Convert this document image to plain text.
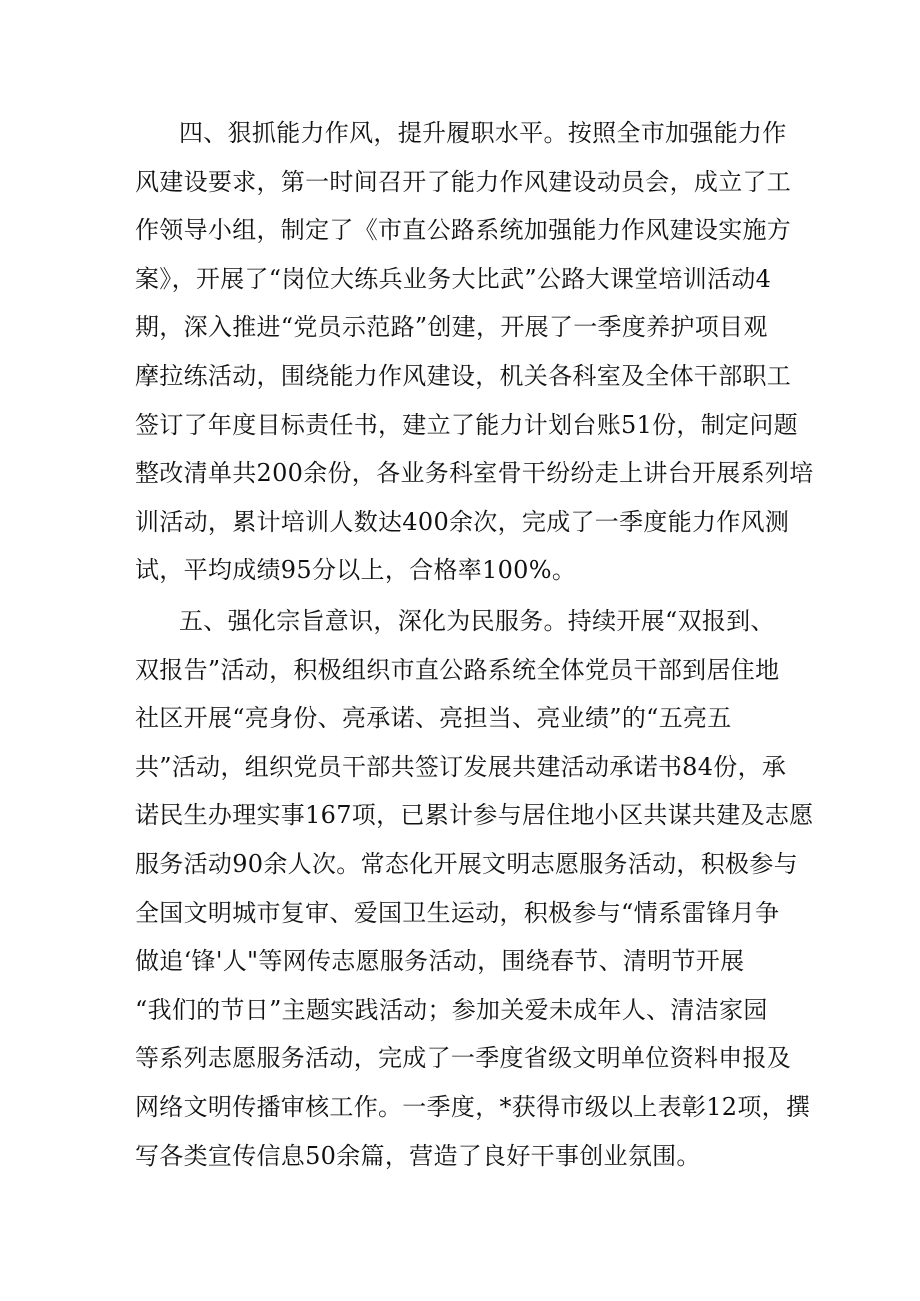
四、狠抓能力作风，提升履职水平。按照全市加强能力作
风建设要求，第一时间召开了能力作风建设动员会，成立了工
作领导小组，制定了《市直公路系统加强能力作风建设实施方
案》，开展了“岗位大练兵业务大比武”公路大课堂培训活动4
期，深入推进“党员示范路”创建，开展了一季度养护项目观
摩拉练活动，围绕能力作风建设，机关各科室及全体干部职工
签订了年度目标责任书，建立了能力计划台账51份，制定问题
整改清单共200余份，各业务科室骨干纷纷走上讲台开展系列培
训活动，累计培训人数达400余次，完成了一季度能力作风测
试，平均成绩95分以上，合格率100%。
五、强化宗旨意识，深化为民服务。持续开展“双报到、
双报告”活动，积极组织市直公路系统全体党员干部到居住地
社区开展“亮身份、亮承诺、亮担当、亮业绩”的“五亮五
共”活动，组织党员干部共签订发展共建活动承诺书84份，承
诺民生办理实事167项，已累计参与居住地小区共谋共建及志愿
服务活动90余人次。常态化开展文明志愿服务活动，积极参与
全国文明城市复审、爱国卫生运动，积极参与“情系雷锋月争
做追‘锋'人"等网传志愿服务活动，围绕春节、清明节开展
“我们的节日”主题实践活动；参加关爱未成年人、清洁家园
等系列志愿服务活动，完成了一季度省级文明单位资料申报及
网络文明传播审核工作。一季度，*获得市级以上表彰12项，撰
写各类宣传信息50余篇，营造了良好干事创业氛围。
